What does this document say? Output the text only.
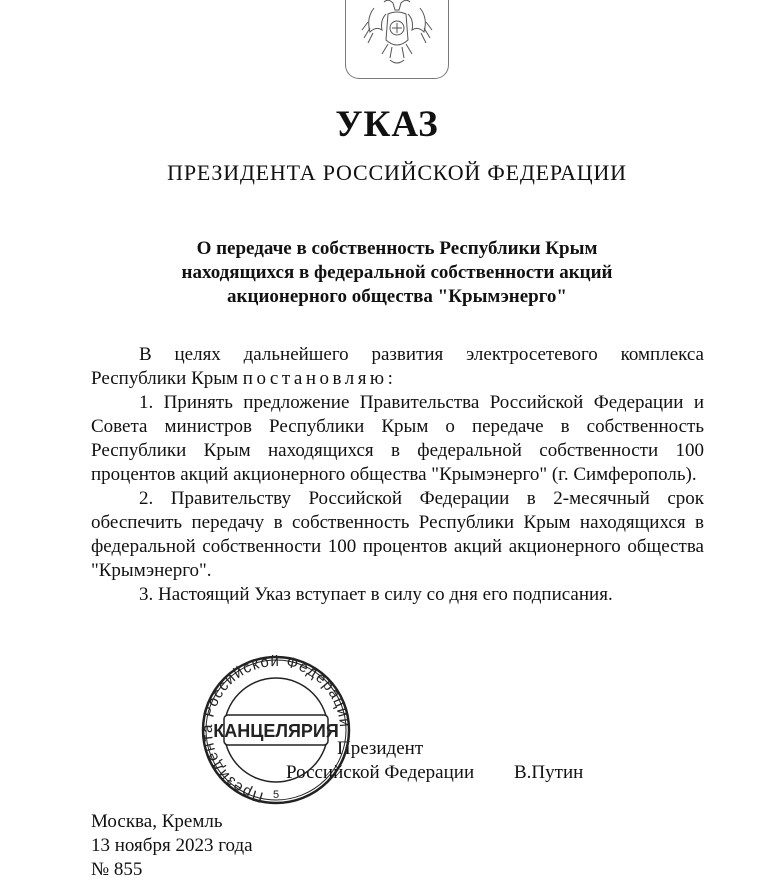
УКАЗ
ПРЕЗИДЕНТА РОССИЙСКОЙ ФЕДЕРАЦИИ
О передаче в собственность Республики Крым
находящихся в федеральной собственности акций
акционерного общества "Крымэнерго"

В целях дальнейшего развития электросетевого комплекса Республики Крым постановляю:

1. Принять предложение Правительства Российской Федерации и Совета министров Республики Крым о передаче в собственность Республики Крым находящихся в федеральной собственности 100 процентов акций акционерного общества "Крымэнерго" (г. Симферополь).

2. Правительству Российской Федерации в 2-месячный срок обеспечить передачу в собственность Республики Крым находящихся в федеральной собственности 100 процентов акций акционерного общества "Крымэнерго".

3. Настоящий Указ вступает в силу со дня его подписания.

Президент
Российской Федерации В.Путин
Президента Российской Федерации
КАНЦЕЛЯРИЯ
5
Москва, Кремль
13 ноября 2023 года
№ 855
